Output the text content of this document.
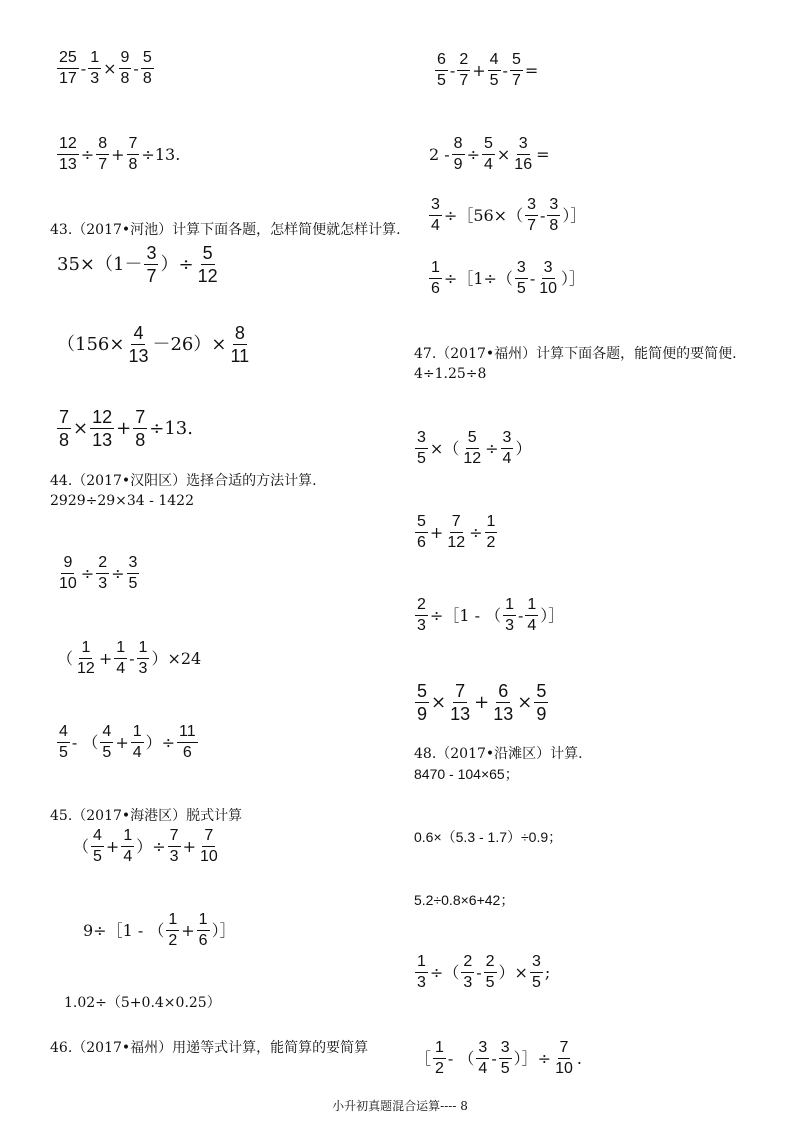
$\frac{25}{17} - \frac{1}{3} \times \frac{9}{8} - \frac{5}{8}$
$\frac{12}{13} \div \frac{8}{7} + \frac{7}{8} \div 13$.
43.（2017•河池）计算下面各题，怎样简便就怎样计算.
$35\times(1- \frac{3}{7}$ ）÷ $\frac{5}{12}$
$(156\times \frac{4}{13} -26)\times \frac{8}{11}$
$\frac{7}{8} \times \frac{12}{13} + \frac{7}{8} \div 13$.
44.（2017•汉阳区）选择合适的方法计算.
2929÷29×34 - 1422
$\frac{9}{10} \div \frac{2}{3} \div \frac{3}{5}$
（ $\frac{1}{12} + \frac{1}{4} - \frac{1}{3} )\times 24$
$\frac{4}{5}$ - （ $\frac{4}{5} + \frac{1}{4}$ ）÷ $\frac{11}{6}$
45.（2017•海港区）脱式计算
（ $\frac{4}{5} + \frac{1}{4}$ ）÷ $\frac{7}{3} + \frac{7}{10}$
9÷［1 - （ $\frac{1}{2} + \frac{1}{6}$ ）］
1.02÷（5+0.4×0.25）
46.（2017•福州）用递等式计算，能简算的要简算
$\frac{6}{5} - \frac{2}{7} + \frac{4}{5} - \frac{5}{7}$ =
$2 - \frac{8}{9} \div \frac{5}{4} \times \frac{3}{16}$ =
$\frac{3}{4}$ ÷［56×（ $\frac{3}{7} - \frac{3}{8}$ ）］
$\frac{1}{6}$ ÷［1÷（ $\frac{3}{5} - \frac{3}{10}$ ）］
47.（2017•福州）计算下面各题，能简便的要简便.
4÷1.25÷8
$\frac{3}{5}$ ×（ $\frac{5}{12} \div \frac{3}{4}$ ）
$\frac{5}{6} + \frac{7}{12} \div \frac{1}{2}$
$\frac{2}{3}$ ÷［1 - （ $\frac{1}{3} - \frac{1}{4}$ ）］
$\frac{5}{9} \times \frac{7}{13} + \frac{6}{13} \times \frac{5}{9}$
48.（2017•沿滩区）计算.
8470 - 104×65；
0.6×（5.3 - 1.7）÷0.9；
5.2÷0.8×6+42；
$\frac{1}{3}$ ÷（ $\frac{2}{3} - \frac{2}{5}$ ）× $\frac{3}{5}$ ;
［ $\frac{1}{2}$ - （ $\frac{3}{4} - \frac{3}{5}$ ）］÷ $\frac{7}{10}$ .
小升初真题混合运算---- 8
